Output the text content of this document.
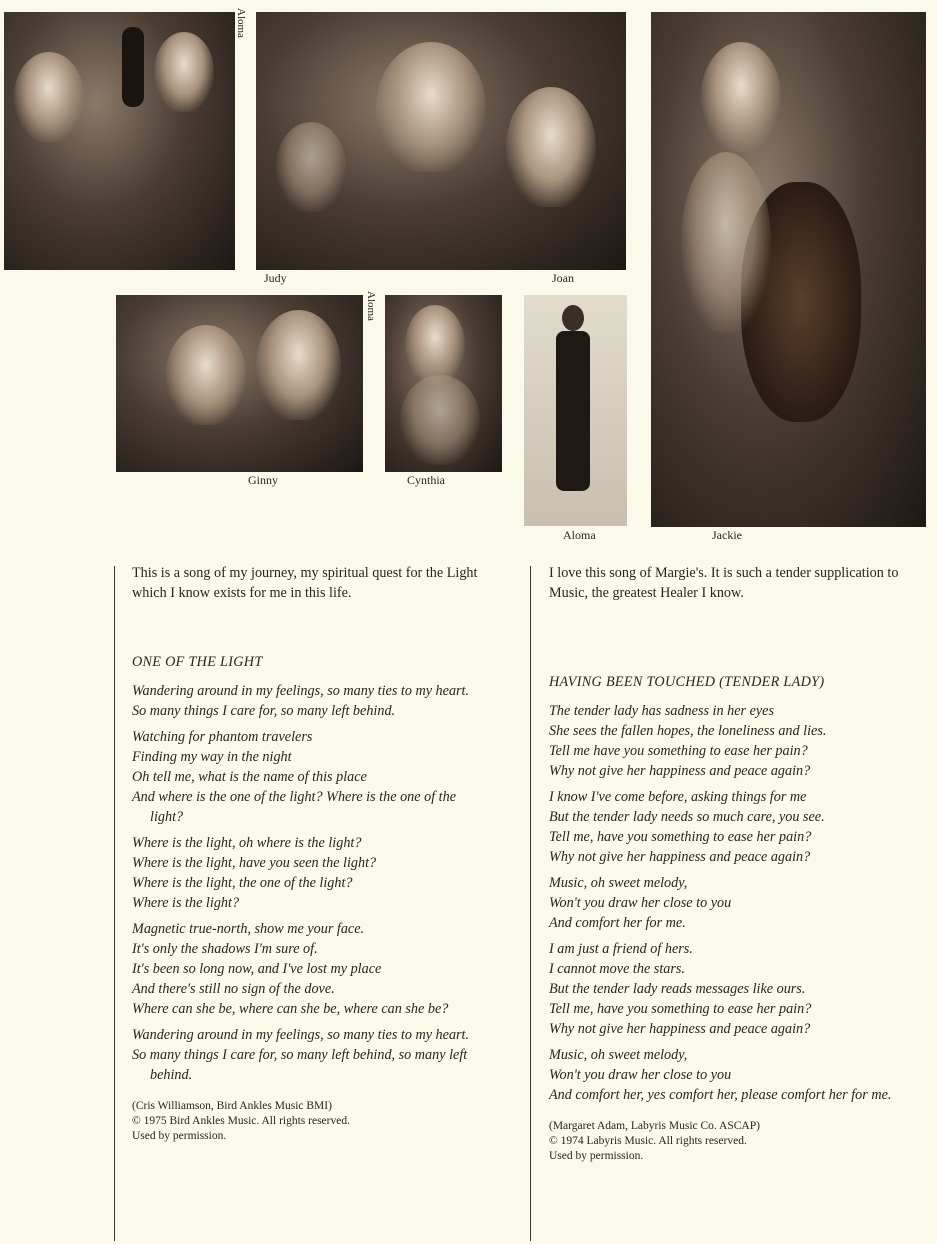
Aloma
Judy	Joan
Jackie
Aloma
Ginny	Cynthia
Aloma

This is a song of my journey, my spiritual quest for the Light which I know exists for me in this life.

ONE OF THE LIGHT

Wandering around in my feelings, so many ties to my heart.
So many things I care for, so many left behind.
Watching for phantom travelers
Finding my way in the night
Oh tell me, what is the name of this place
And where is the one of the light? Where is the one of the light?
Where is the light, oh where is the light?
Where is the light, have you seen the light?
Where is the light, the one of the light?
Where is the light?
Magnetic true-north, show me your face.
It's only the shadows I'm sure of.
It's been so long now, and I've lost my place
And there's still no sign of the dove.
Where can she be, where can she be, where can she be?
Wandering around in my feelings, so many ties to my heart.
So many things I care for, so many left behind, so many left behind.
(Cris Williamson, Bird Ankles Music BMI)
© 1975 Bird Ankles Music. All rights reserved.
Used by permission.

I love this song of Margie's. It is such a tender supplication to Music, the greatest Healer I know.

HAVING BEEN TOUCHED (TENDER LADY)

The tender lady has sadness in her eyes
She sees the fallen hopes, the loneliness and lies.
Tell me have you something to ease her pain?
Why not give her happiness and peace again?
I know I've come before, asking things for me
But the tender lady needs so much care, you see.
Tell me, have you something to ease her pain?
Why not give her happiness and peace again?
Music, oh sweet melody,
Won't you draw her close to you
And comfort her for me.
I am just a friend of hers.
I cannot move the stars.
But the tender lady reads messages like ours.
Tell me, have you something to ease her pain?
Why not give her happiness and peace again?
Music, oh sweet melody,
Won't you draw her close to you
And comfort her, yes comfort her, please comfort her for me.
(Margaret Adam, Labyris Music Co. ASCAP)
© 1974 Labyris Music. All rights reserved.
Used by permission.
